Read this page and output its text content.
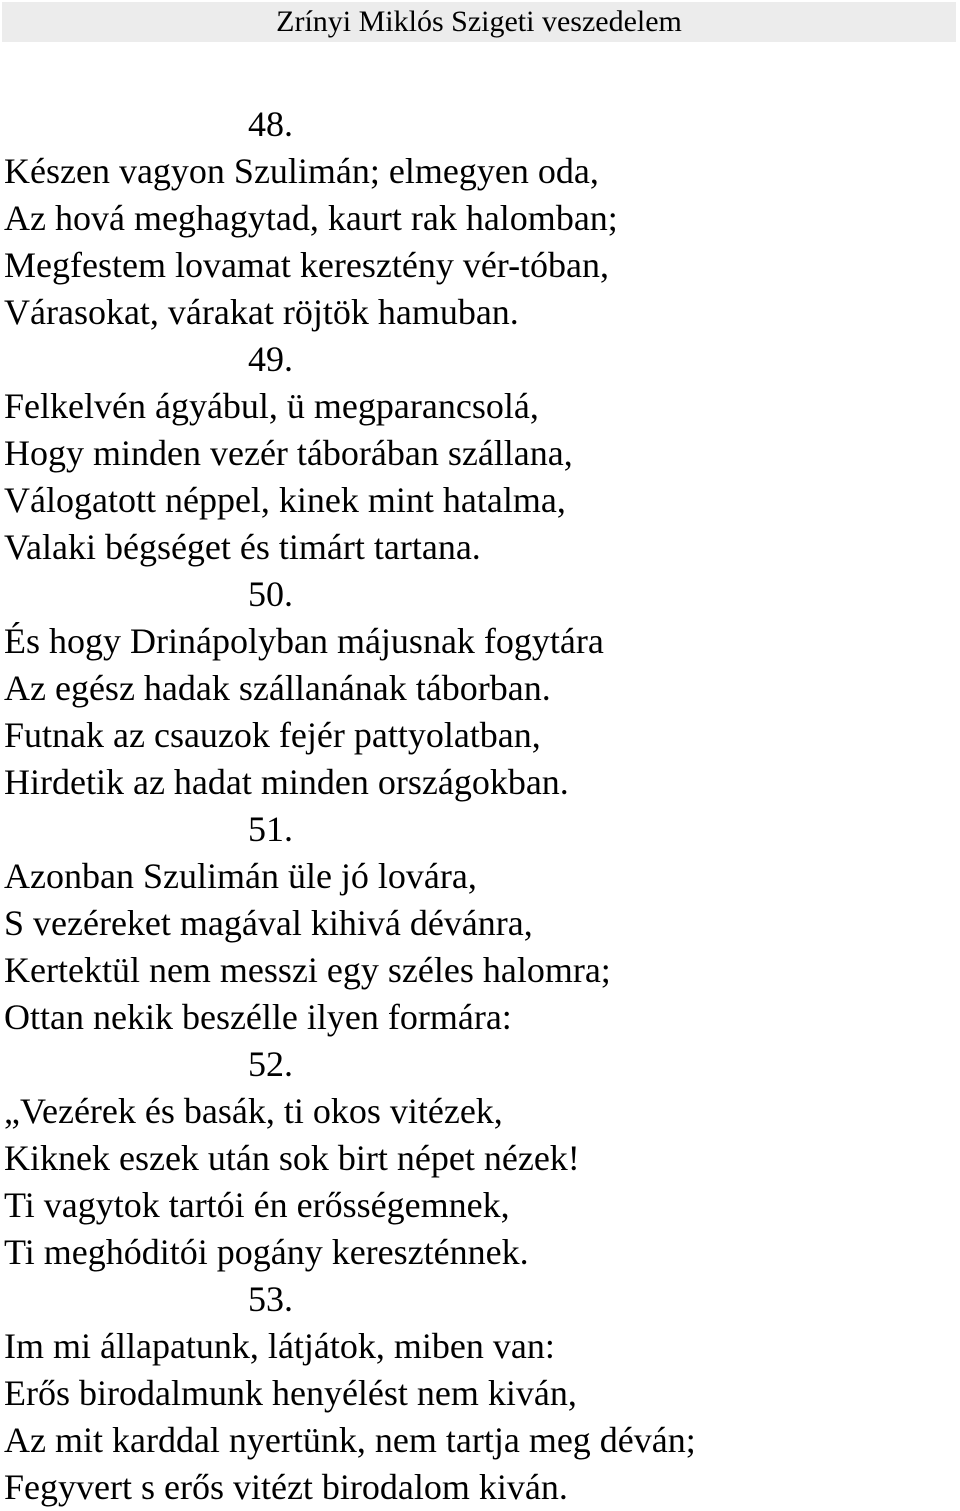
Zrínyi Miklós Szigeti veszedelem
48.
Készen vagyon Szulimán; elmegyen oda,
Az hová meghagytad, kaurt rak halomban;
Megfestem lovamat keresztény vér-tóban,
Várasokat, várakat röjtök hamuban.
49.
Felkelvén ágyábul, ü megparancsolá,
Hogy minden vezér táborában szállana,
Válogatott néppel, kinek mint hatalma,
Valaki bégséget és timárt tartana.
50.
És hogy Drinápolyban májusnak fogytára
Az egész hadak szállanának táborban.
Futnak az csauzok fejér pattyolatban,
Hirdetik az hadat minden országokban.
51.
Azonban Szulimán üle jó lovára,
S vezéreket magával kihivá dévánra,
Kertektül nem messzi egy széles halomra;
Ottan nekik beszélle ilyen formára:
52.
„Vezérek és basák, ti okos vitézek,
Kiknek eszek után sok birt népet nézek!
Ti vagytok tartói én erősségemnek,
Ti meghóditói pogány kereszténnek.
53.
Im mi állapatunk, látjátok, miben van:
Erős birodalmunk henyélést nem kiván,
Az mit karddal nyertünk, nem tartja meg déván;
Fegyvert s erős vitézt birodalom kiván.
